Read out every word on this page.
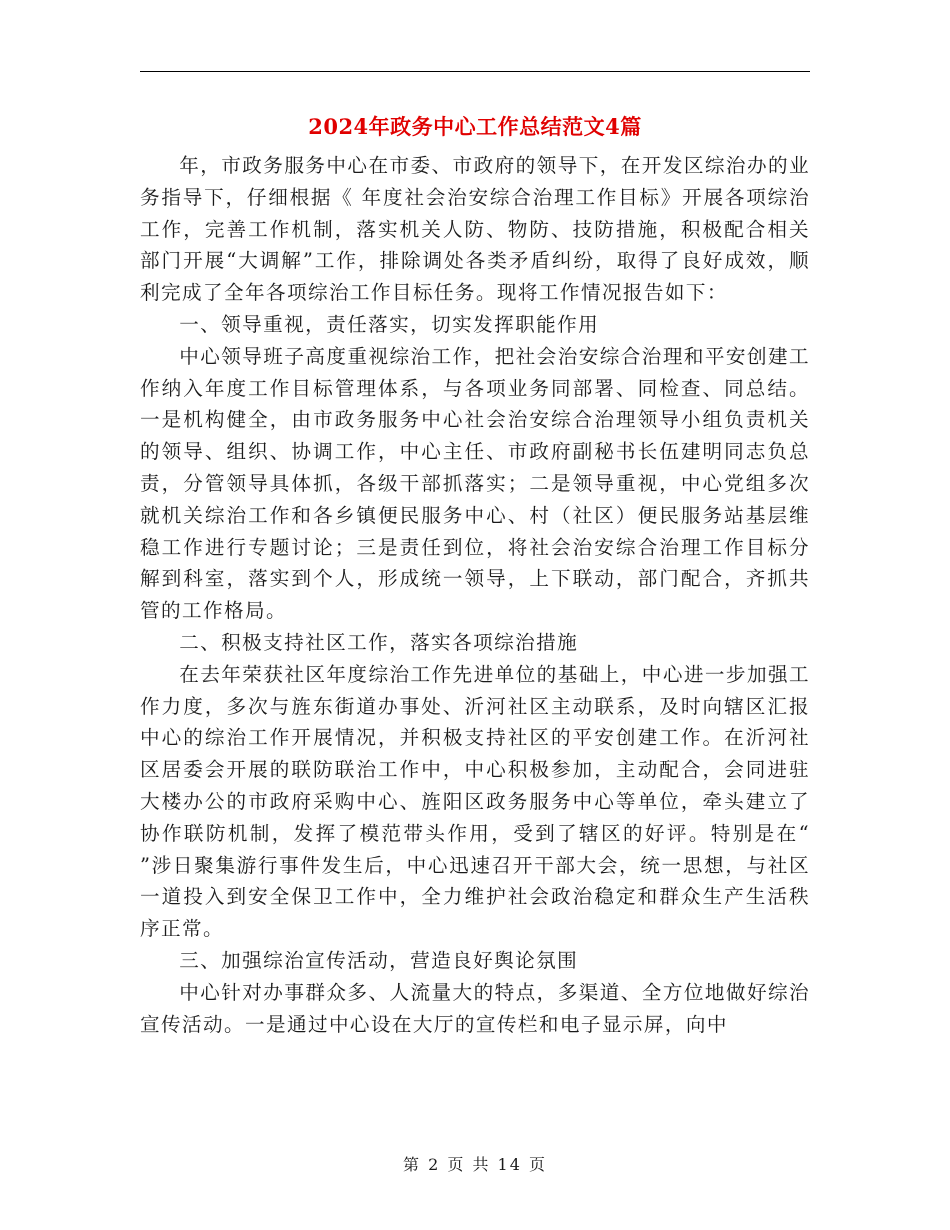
2024年政务中心工作总结范文4篇

年，市政务服务中心在市委、市政府的领导下，在开发区综治办的业务指导下，仔细根据《 年度社会治安综合治理工作目标》开展各项综治工作，完善工作机制，落实机关人防、物防、技防措施，积极配合相关部门开展“大调解”工作，排除调处各类矛盾纠纷，取得了良好成效，顺利完成了全年各项综治工作目标任务。现将工作情况报告如下：

一、领导重视，责任落实，切实发挥职能作用

中心领导班子高度重视综治工作，把社会治安综合治理和平安创建工作纳入年度工作目标管理体系，与各项业务同部署、同检查、同总结。一是机构健全，由市政务服务中心社会治安综合治理领导小组负责机关的领导、组织、协调工作，中心主任、市政府副秘书长伍建明同志负总责，分管领导具体抓，各级干部抓落实；二是领导重视，中心党组多次就机关综治工作和各乡镇便民服务中心、村（社区）便民服务站基层维稳工作进行专题讨论；三是责任到位，将社会治安综合治理工作目标分解到科室，落实到个人，形成统一领导，上下联动，部门配合，齐抓共管的工作格局。

二、积极支持社区工作，落实各项综治措施

在去年荣获社区年度综治工作先进单位的基础上，中心进一步加强工作力度，多次与旌东街道办事处、沂河社区主动联系，及时向辖区汇报中心的综治工作开展情况，并积极支持社区的平安创建工作。在沂河社区居委会开展的联防联治工作中，中心积极参加，主动配合，会同进驻大楼办公的市政府采购中心、旌阳区政务服务中心等单位，牵头建立了协作联防机制，发挥了模范带头作用，受到了辖区的好评。特别是在“ ”涉日聚集游行事件发生后，中心迅速召开干部大会，统一思想，与社区一道投入到安全保卫工作中，全力维护社会政治稳定和群众生产生活秩序正常。

三、加强综治宣传活动，营造良好舆论氛围

中心针对办事群众多、人流量大的特点，多渠道、全方位地做好综治宣传活动。一是通过中心设在大厅的宣传栏和电子显示屏，向中

第 2 页 共 14 页
